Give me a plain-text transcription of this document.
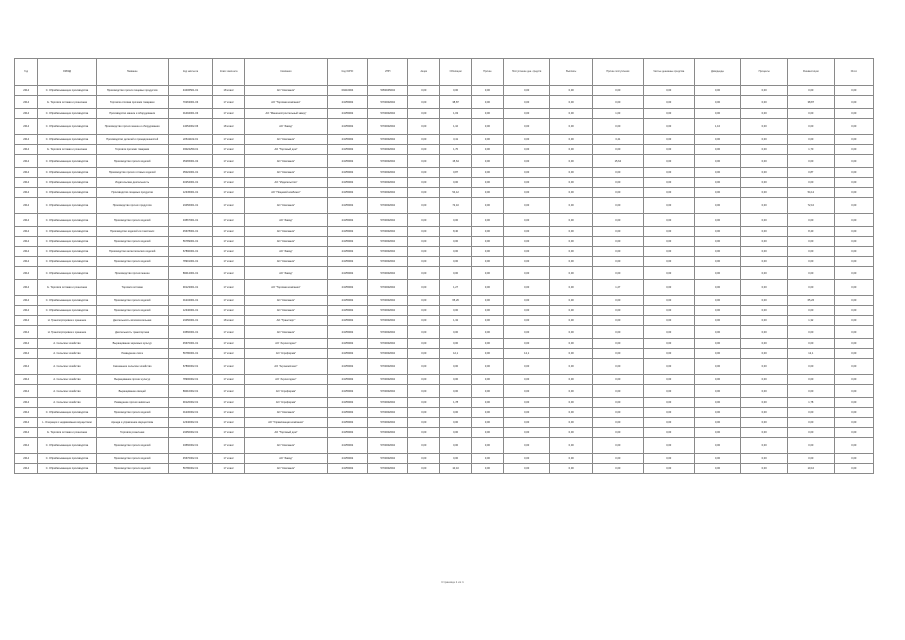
Год	ОКВЭД	Название	Код эмитента	Класс эмитента	Компания	Код ОКПО	ИНН	Акции	Облигации	Прочие	Поступление ден. средств	Выплаты	Прочие поступления	Чистые денежные средства	Дивиденды	Проценты	Реинвестиции	Итого
2014	С. Обрабатывающие производства	Производство прочих пищевых продуктов	43406501-01	18 класс	АО "Компания"	09410004	5053045004	0,00	0,00	0,00	0,00	0,00	0,00	0,00	0,00	0,00	0,00	0,00
2014	G. Торговля оптовая и розничная	Торговля оптовая прочими товарами	70263001-03	17 класс	АО "Торговая компания"	24155002	5703002094	0,00	38,87	0,00	0,00	0,00	0,00	0,00	0,00	0,00	38,87	0,00
2014	С. Обрабатывающие производства	Производство машин и оборудования	01494001-03	17 класс	АО "Машиностроительный завод"	24155002	5703002094	0,00	1,03	0,00	0,00	0,00	1,03	0,00	0,00	0,00	0,00	0,00
2014	С. Обрабатывающие производства	Производство прочих машин и оборудования	14054002-06	18 класс	АО "Завод"	24155002	5703002094	0,00	1,10	0,00	0,00	0,00	0,00	0,00	1,10	0,00	0,00	0,00
2014	С. Обрабатывающие производства	Производство деталей и принадлежностей	22641102-01	17 класс	АО "Компания"	24155002	5703002094	0,00	3,41	0,00	0,00	0,00	3,41	0,00	0,00	0,00	0,00	0,00
2014	G. Торговля оптовая и розничная	Торговля прочими товарами	33022259-01	17 класс	АО "Торговый дом"	24155002	5703002094	0,00	1,70	0,00	0,00	0,00	0,00	0,00	0,00	0,00	1,70	0,00
2014	С. Обрабатывающие производства	Производство прочих изделий	35265001-02	17 класс	АО "Компания"	24155002	5703002094	0,00	15,64	0,00	0,00	0,00	15,64	0,00	0,00	0,00	0,00	0,00
2014	С. Обрабатывающие производства	Производство прочих готовых изделий	35022001-01	17 класс	АО "Компания"	24155002	5703002094	0,00	0,87	0,00	0,00	0,00	0,00	0,00	0,00	0,00	0,87	0,00
2014	С. Обрабатывающие производства	Издательская деятельность	40254001-01	17 класс	АО "Издательство"	24155002	5703002094	0,00	0,00	0,00	0,00	0,00	0,00	0,00	0,00	0,00	0,00	0,00
2014	С. Обрабатывающие производства	Производство пищевых продуктов	12345001-01	17 класс	АО "Пищевой комбинат"	24155002	5703002094	0,00	54,12	0,00	0,00	0,00	0,00	0,00	0,00	0,00	54,12	0,00
2014	С. Обрабатывающие производства	Производство прочих продуктов	23456001-01	17 класс	АО "Компания"	24155002	5703002094	0,00	72,10	0,00	0,00	0,00	0,00	0,00	0,00	0,00	72,10	0,00
2014	С. Обрабатывающие производства	Производство прочих изделий	34567001-01	17 класс	АО "Завод"	24155002	5703002094	0,00	0,00	0,00	0,00	0,00	0,00	0,00	0,00	0,00	0,00	0,00
2014	С. Обрабатывающие производства	Производство изделий из пластмасс	45678001-01	17 класс	АО "Компания"	24155002	5703002094	0,00	8,40	0,00	0,00	0,00	0,00	0,00	0,00	0,00	8,40	0,00
2014	С. Обрабатывающие производства	Производство прочих изделий	56789001-01	17 класс	АО "Компания"	24155002	5703002094	0,00	0,00	0,00	0,00	0,00	0,00	0,00	0,00	0,00	0,00	0,00
2014	С. Обрабатывающие производства	Производство металлических изделий	67890001-01	17 класс	АО "Завод"	24155002	5703002094	0,00	0,00	0,00	0,00	0,00	0,00	0,00	0,00	0,00	0,00	0,00
2014	С. Обрабатывающие производства	Производство прочих изделий	78901001-01	17 класс	АО "Компания"	24155002	5703002094	0,00	0,00	0,00	0,00	0,00	0,00	0,00	0,00	0,00	0,00	0,00
2014	С. Обрабатывающие производства	Производство прочих машин	89012001-01	17 класс	АО "Завод"	24155002	5703002094	0,00	0,00	0,00	0,00	0,00	0,00	0,00	0,00	0,00	0,00	0,00
2014	G. Торговля оптовая и розничная	Торговля оптовая	90123001-01	17 класс	АО "Торговая компания"	24155002	5703002094	0,00	1,27	0,00	0,00	0,00	1,27	0,00	0,00	0,00	0,00	0,00
2014	С. Обрабатывающие производства	Производство прочих изделий	01234001-01	17 класс	АО "Компания"	24155002	5703002094	0,00	65,26	0,00	0,00	0,00	0,00	0,00	0,00	0,00	65,26	0,00
2014	С. Обрабатывающие производства	Производство прочих изделий	12340001-01	17 класс	АО "Компания"	24155002	5703002094	0,00	0,00	0,00	0,00	0,00	0,00	0,00	0,00	0,00	0,00	0,00
2014	H. Транспортировка и хранение	Деятельность вспомогательная	23450001-01	18 класс	АО "Транспорт"	24155002	5703002094	0,00	1,32	0,00	0,00	0,00	0,00	0,00	0,00	0,00	1,32	0,00
2014	H. Транспортировка и хранение	Деятельность транспортная	34560001-01	17 класс	АО "Компания"	24155002	5703002094	0,00	0,00	0,00	0,00	0,00	0,00	0,00	0,00	0,00	0,00	0,00
2014	A. Сельское хозяйство	Выращивание зерновых культур	45670001-01	17 класс	АО "Агрохолдинг"	24155002	5703002094	0,00	0,00	0,00	0,00	0,00	0,00	0,00	0,00	0,00	0,00	0,00
2014	A. Сельское хозяйство	Разведение скота	56780001-01	17 класс	АО "Агрофирма"	24155002	5703002094	0,00	12,1	0,00	12,1	0,00	0,00	0,00	0,00	0,00	12,1	0,00
2014	A. Сельское хозяйство	Смешанное сельское хозяйство	67890002-01	17 класс	АО "Агрокомплекс"	24155002	5703002094	0,00	0,00	0,00	0,00	0,00	0,00	0,00	0,00	0,00	0,00	0,00
2014	A. Сельское хозяйство	Выращивание прочих культур	78900002-01	17 класс	АО "Агрохолдинг"	24155002	5703002094	0,00	0,00	0,00	0,00	0,00	0,00	0,00	0,00	0,00	0,00	0,00
2014	A. Сельское хозяйство	Выращивание овощей	89010002-01	17 класс	АО "Агрофирма"	24155002	5703002094	0,00	0,00	0,00	0,00	0,00	0,00	0,00	0,00	0,00	0,00	0,00
2014	A. Сельское хозяйство	Разведение прочих животных	90120002-01	17 класс	АО "Агрофирма"	24155002	5703002094	0,00	1,78	0,00	0,00	0,00	0,00	0,00	0,00	0,00	1,78	0,00
2014	С. Обрабатывающие производства	Производство прочих изделий	01230002-01	17 класс	АО "Компания"	24155002	5703002094	0,00	0,00	0,00	0,00	0,00	0,00	0,00	0,00	0,00	0,00	0,00
2014	L. Операции с недвижимым имуществом	Аренда и управление имуществом	12340002-01	17 класс	АО "Управляющая компания"	24155002	5703002094	0,00	0,00	0,00	0,00	0,00	0,00	0,00	0,00	0,00	0,00	0,00
2014	G. Торговля оптовая и розничная	Торговля розничная	23450002-01	17 класс	АО "Торговый дом"	24155002	5703002094	0,00	0,00	0,00	0,00	0,00	0,00	0,00	0,00	0,00	0,00	0,00
2014	С. Обрабатывающие производства	Производство прочих изделий	34560002-01	17 класс	АО "Компания"	24155002	5703002094	0,00	0,00	0,00	0,00	0,00	0,00	0,00	0,00	0,00	0,00	0,00
2014	С. Обрабатывающие производства	Производство прочих изделий	45670002-01	17 класс	АО "Завод"	24155002	5703002094	0,00	0,00	0,00	0,00	0,00	0,00	0,00	0,00	0,00	0,00	0,00
2014	С. Обрабатывающие производства	Производство прочих изделий	56780002-01	17 класс	АО "Компания"	24155002	5703002094	0,00	10,10	0,00	0,00	0,00	0,00	0,00	0,00	0,00	10,10	0,00
Страница 1 из 1
